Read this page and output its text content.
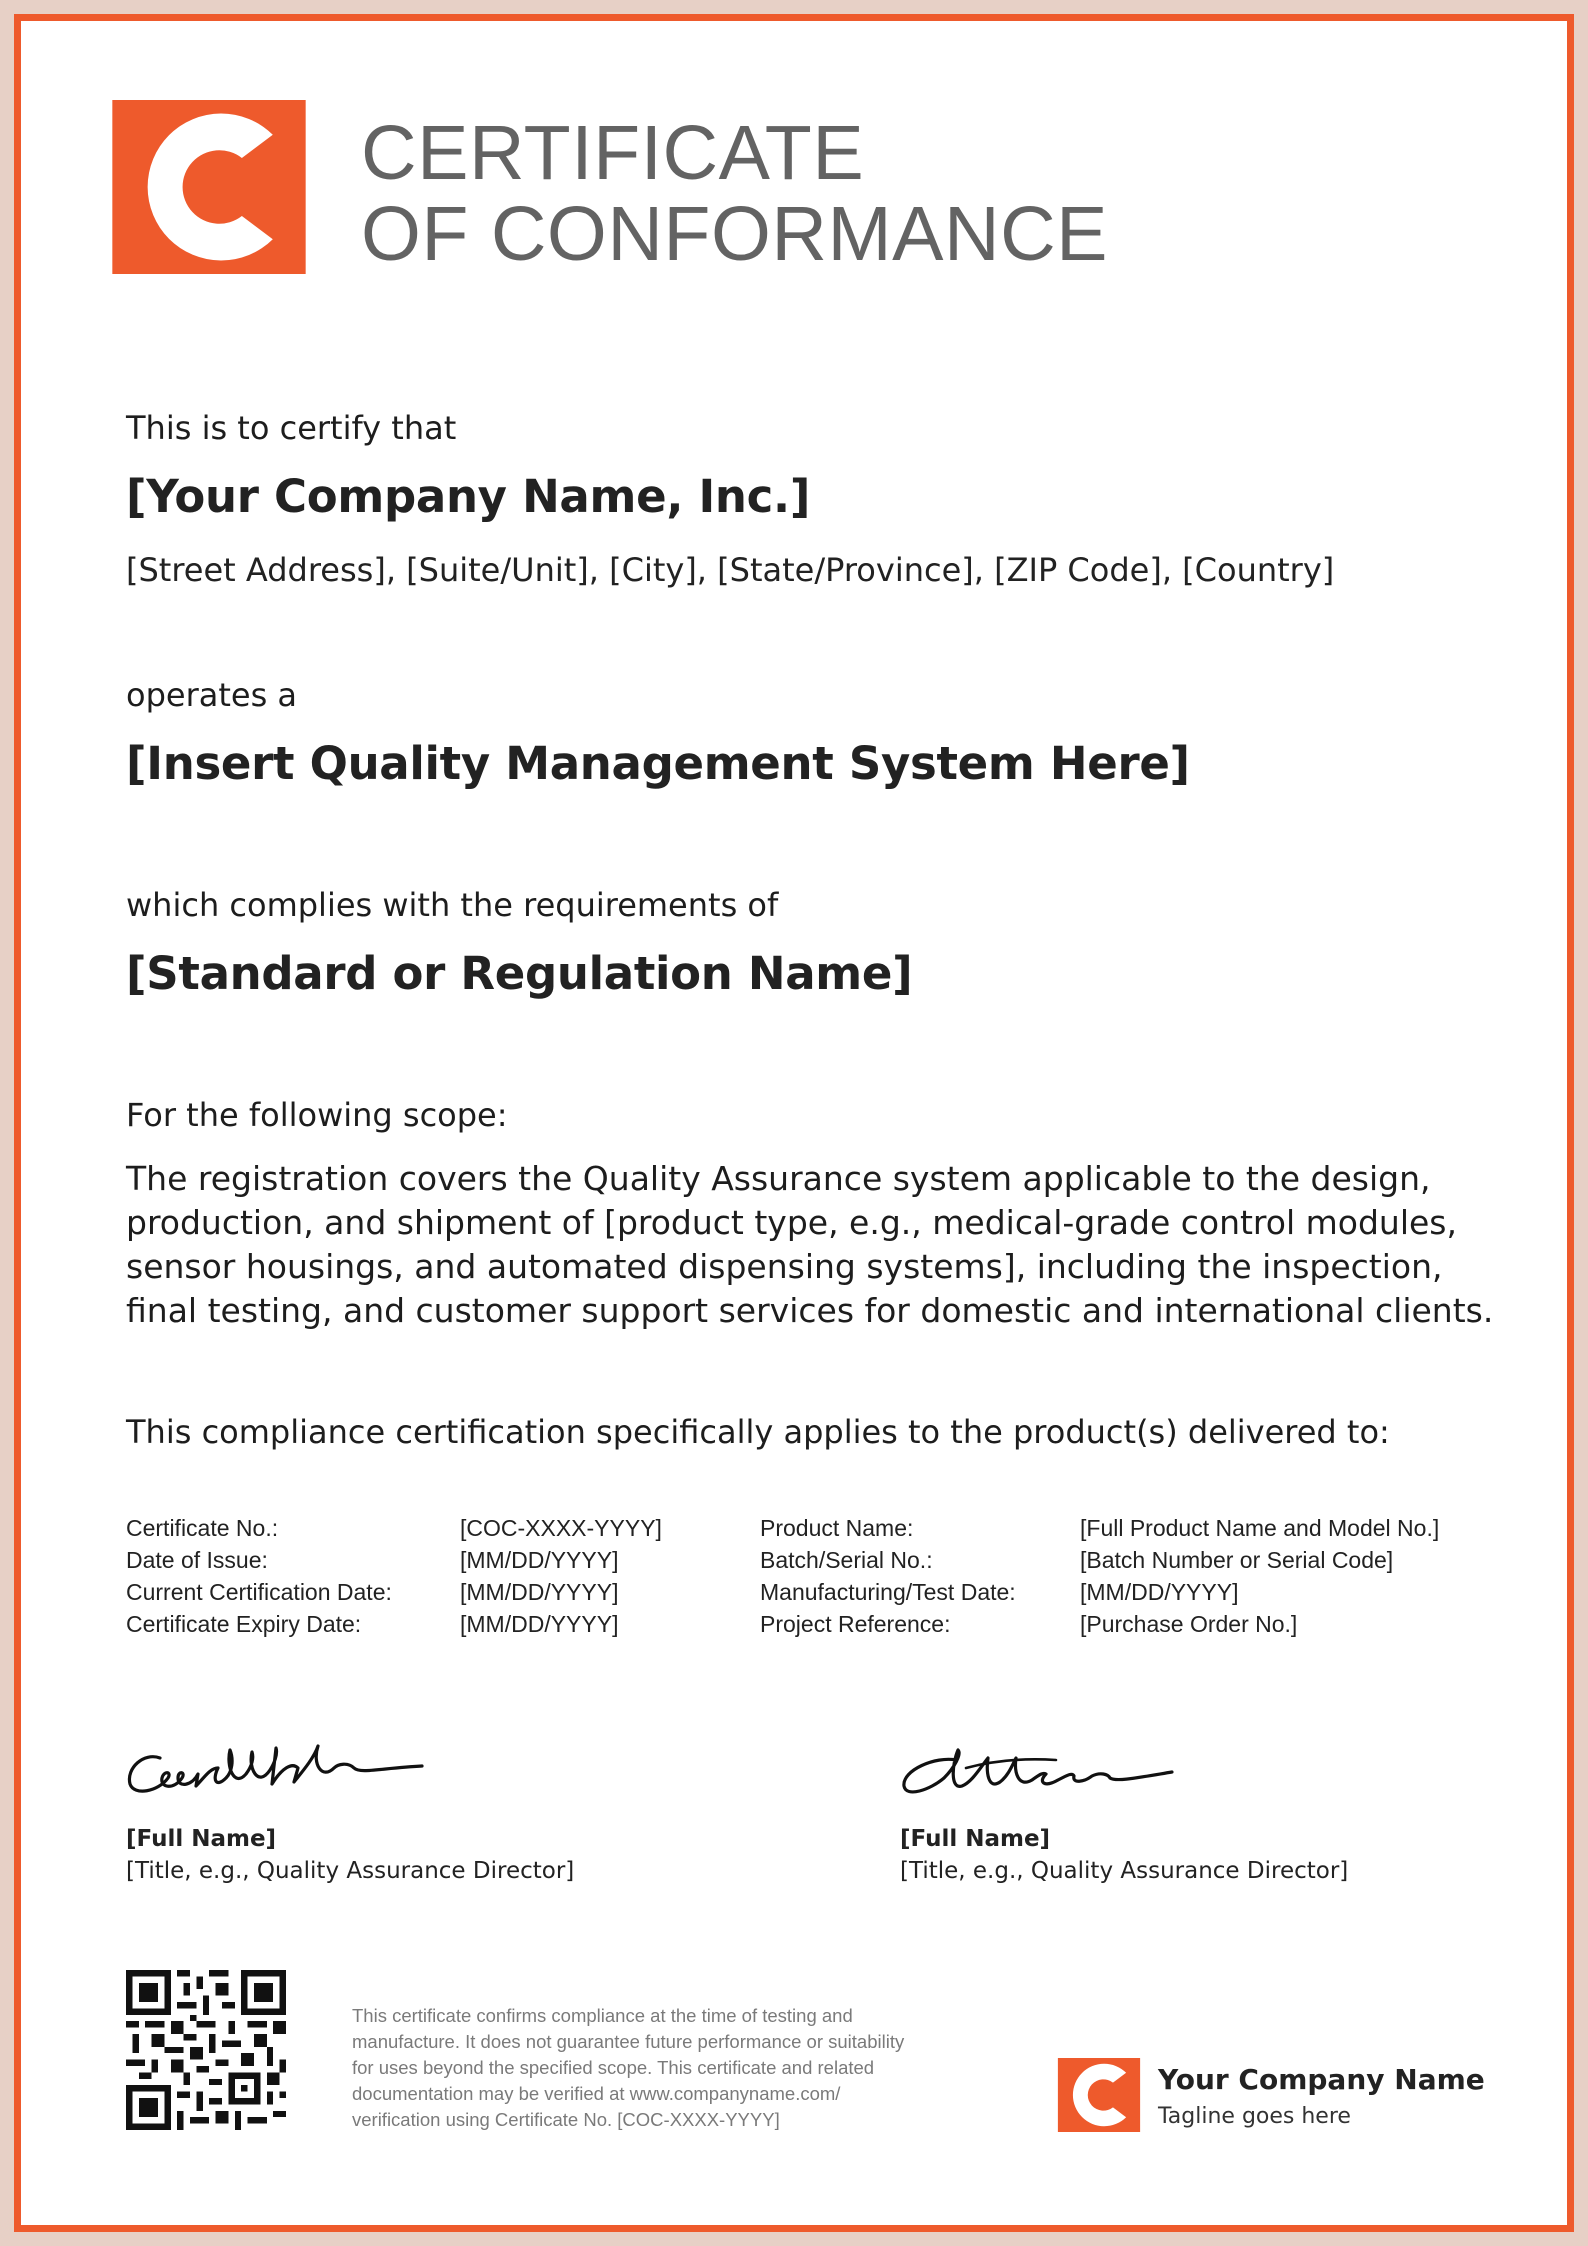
CERTIFICATE
OF CONFORMANCE
This is to certify that
[Your Company Name, Inc.]
[Street Address], [Suite/Unit], [City], [State/Province], [ZIP Code], [Country]
operates a
[Insert Quality Management System Here]
which complies with the requirements of
[Standard or Regulation Name]
For the following scope:
The registration covers the Quality Assurance system applicable to the design,
production, and shipment of [product type, e.g., medical-grade control modules,
sensor housings, and automated dispensing systems], including the inspection,
final testing, and customer support services for domestic and international clients.
This compliance certification specifically applies to the product(s) delivered to:
Certificate No.:
Date of Issue:
Current Certification Date:
Certificate Expiry Date:
[COC-XXXX-YYYY]
[MM/DD/YYYY]
[MM/DD/YYYY]
[MM/DD/YYYY]
Product Name:
Batch/Serial No.:
Manufacturing/Test Date:
Project Reference:
[Full Product Name and Model No.]
[Batch Number or Serial Code]
[MM/DD/YYYY]
[Purchase Order No.]
[Full Name]
[Title, e.g., Quality Assurance Director]
[Full Name]
[Title, e.g., Quality Assurance Director]
This certificate confirms compliance at the time of testing and
manufacture. It does not guarantee future performance or suitability
for uses beyond the specified scope. This certificate and related
documentation may be verified at www.companyname.com/
verification using Certificate No. [COC-XXXX-YYYY]
Your Company Name
Tagline goes here
